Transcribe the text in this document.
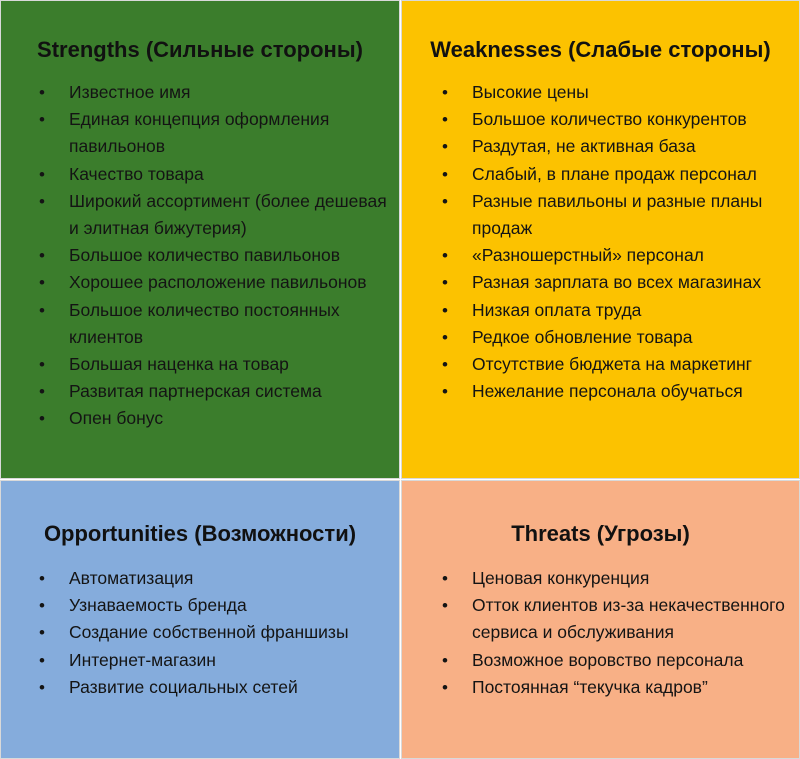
Strengths (Сильные стороны)
• Известное имя
• Единая концепция оформления павильонов
• Качество товара
• Широкий ассортимент (более дешевая и элитная бижутерия)
• Большое количество павильонов
• Хорошее расположение павильонов
• Большое количество постоянных клиентов
• Большая наценка на товар
• Развитая партнерская система
• Опен бонус
Weaknesses (Слабые стороны)
• Высокие цены
• Большое количество конкурентов
• Раздутая, не активная база
• Слабый, в плане продаж персонал
• Разные павильоны и разные планы продаж
• «Разношерстный» персонал
• Разная зарплата во всех магазинах
• Низкая оплата труда
• Редкое обновление товара
• Отсутствие бюджета на маркетинг
• Нежелание персонала обучаться
Opportunities (Возможности)
• Автоматизация
• Узнаваемость бренда
• Создание собственной франшизы
• Интернет-магазин
• Развитие социальных сетей
Threats (Угрозы)
• Ценовая конкуренция
• Отток клиентов из-за некачественного сервиса и обслуживания
• Возможное воровство персонала
• Постоянная “текучка кадров”
